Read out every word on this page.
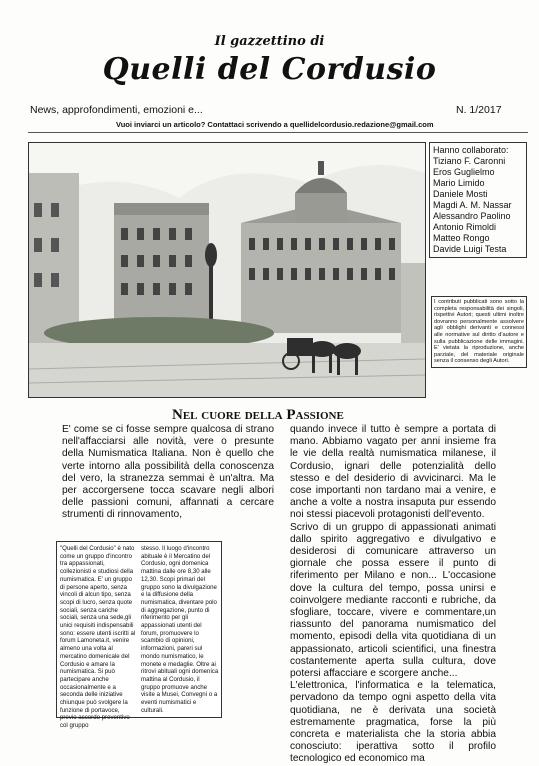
Il gazzettino di
Quelli del Cordusio
News, approfondimenti, emozioni e...	N. 1/2017
Vuoi inviarci un articolo? Contattaci scrivendo a quellidelcordusio.redazione@gmail.com
Hanno collaborato:
Tiziano F. Caronni
Eros Guglielmo
Mario Limido
Daniele Mosti
Magdi A. M. Nassar
Alessandro Paolino
Antonio Rimoldi
Matteo Rongo
Davide Luigi Testa
I contributi pubblicati sono sotto la completa responsabilità dei singoli, rispettivi Autori; questi ultimi inoltre dovranno personalmente assolvere agli obblighi derivanti e connessi alle normative sul diritto d'autore e sulla pubblicazione delle immagini. E' vietata la riproduzione, anche parziale, del materiale originale senza il consenso degli Autori.
Nel cuore della Passione

E' come se ci fosse sempre qualcosa di strano nell'affacciarsi alle novità, vere o presunte della Numismatica Italiana. Non è quello che verte intorno alla possibilità della conoscenza del vero, la stranezza semmai è un'altra. Ma per accorgersene tocca scavare negli albori delle passioni comuni, affannati a cercare strumenti di rinnovamento,

quando invece il tutto è sempre a portata di mano. Abbiamo vagato per anni insieme fra le vie della realtà numismatica milanese, il Cordusio, ignari delle potenzialità dello stesso e del desiderio di avvicinarci. Ma le cose importanti non tardano mai a venire, e anche a volte a nostra insaputa pur essendo noi stessi piacevoli protagonisti dell'evento.

Scrivo di un gruppo di appassionati animati dallo spirito aggregativo e divulgativo e desiderosi di comunicare attraverso un giornale che possa essere il punto di riferimento per Milano e non... L'occasione dove la cultura del tempo, possa unirsi e coinvolgere mediante racconti e rubriche, da sfogliare, toccare, vivere e commentare,un riassunto del panorama numismatico del momento, episodi della vita quotidiana di un appassionato, articoli scientifici, una finestra costantemente aperta sulla cultura, dove potersi affacciare e scorgere anche...

L'elettronica, l'informatica e la telematica, pervadono da tempo ogni aspetto della vita quotidiana, ne è derivata una società estremamente pragmatica, forse la più concreta e materialista che la storia abbia conosciuto: iperattiva sotto il profilo tecnologico ed economico ma

"Quelli del Cordusio" è nato come un gruppo d'incontro tra appassionati, collezionisti e studiosi della numismatica. E' un gruppo di persone aperto, senza vincoli di alcun tipo, senza scopi di lucro, senza quote sociali, senza cariche sociali, senza una sede,gli unici requisiti indispensabili sono: essere utenti iscritti al forum Lamoneta.it, venire almeno una volta al mercatino domenicale del Cordusio e amare la numismatica. Si può partecipare anche occasionalmente e a seconda delle iniziative chiunque può svolgere la funzione di portavoce, previo accordo preventivo col gruppo

stesso. Il luogo d'incontro abituale è il Mercatino del Cordusio, ogni domenica mattina dalle ore 8,30 alle 12,30. Scopi primari del gruppo sono la divulgazione e la diffusione della numismatica, diventare polo di aggregazione, punto di riferimento per gli appassionati utenti del forum, promuovere lo scambio di opinioni, informazioni, pareri sul mondo numismatico, le monete e medaglie. Oltre ai ritrovi abituali ogni domenica mattina al Cordusio, il gruppo promuove anche visite a Musei, Convegni o a eventi numismatici e culturali.
